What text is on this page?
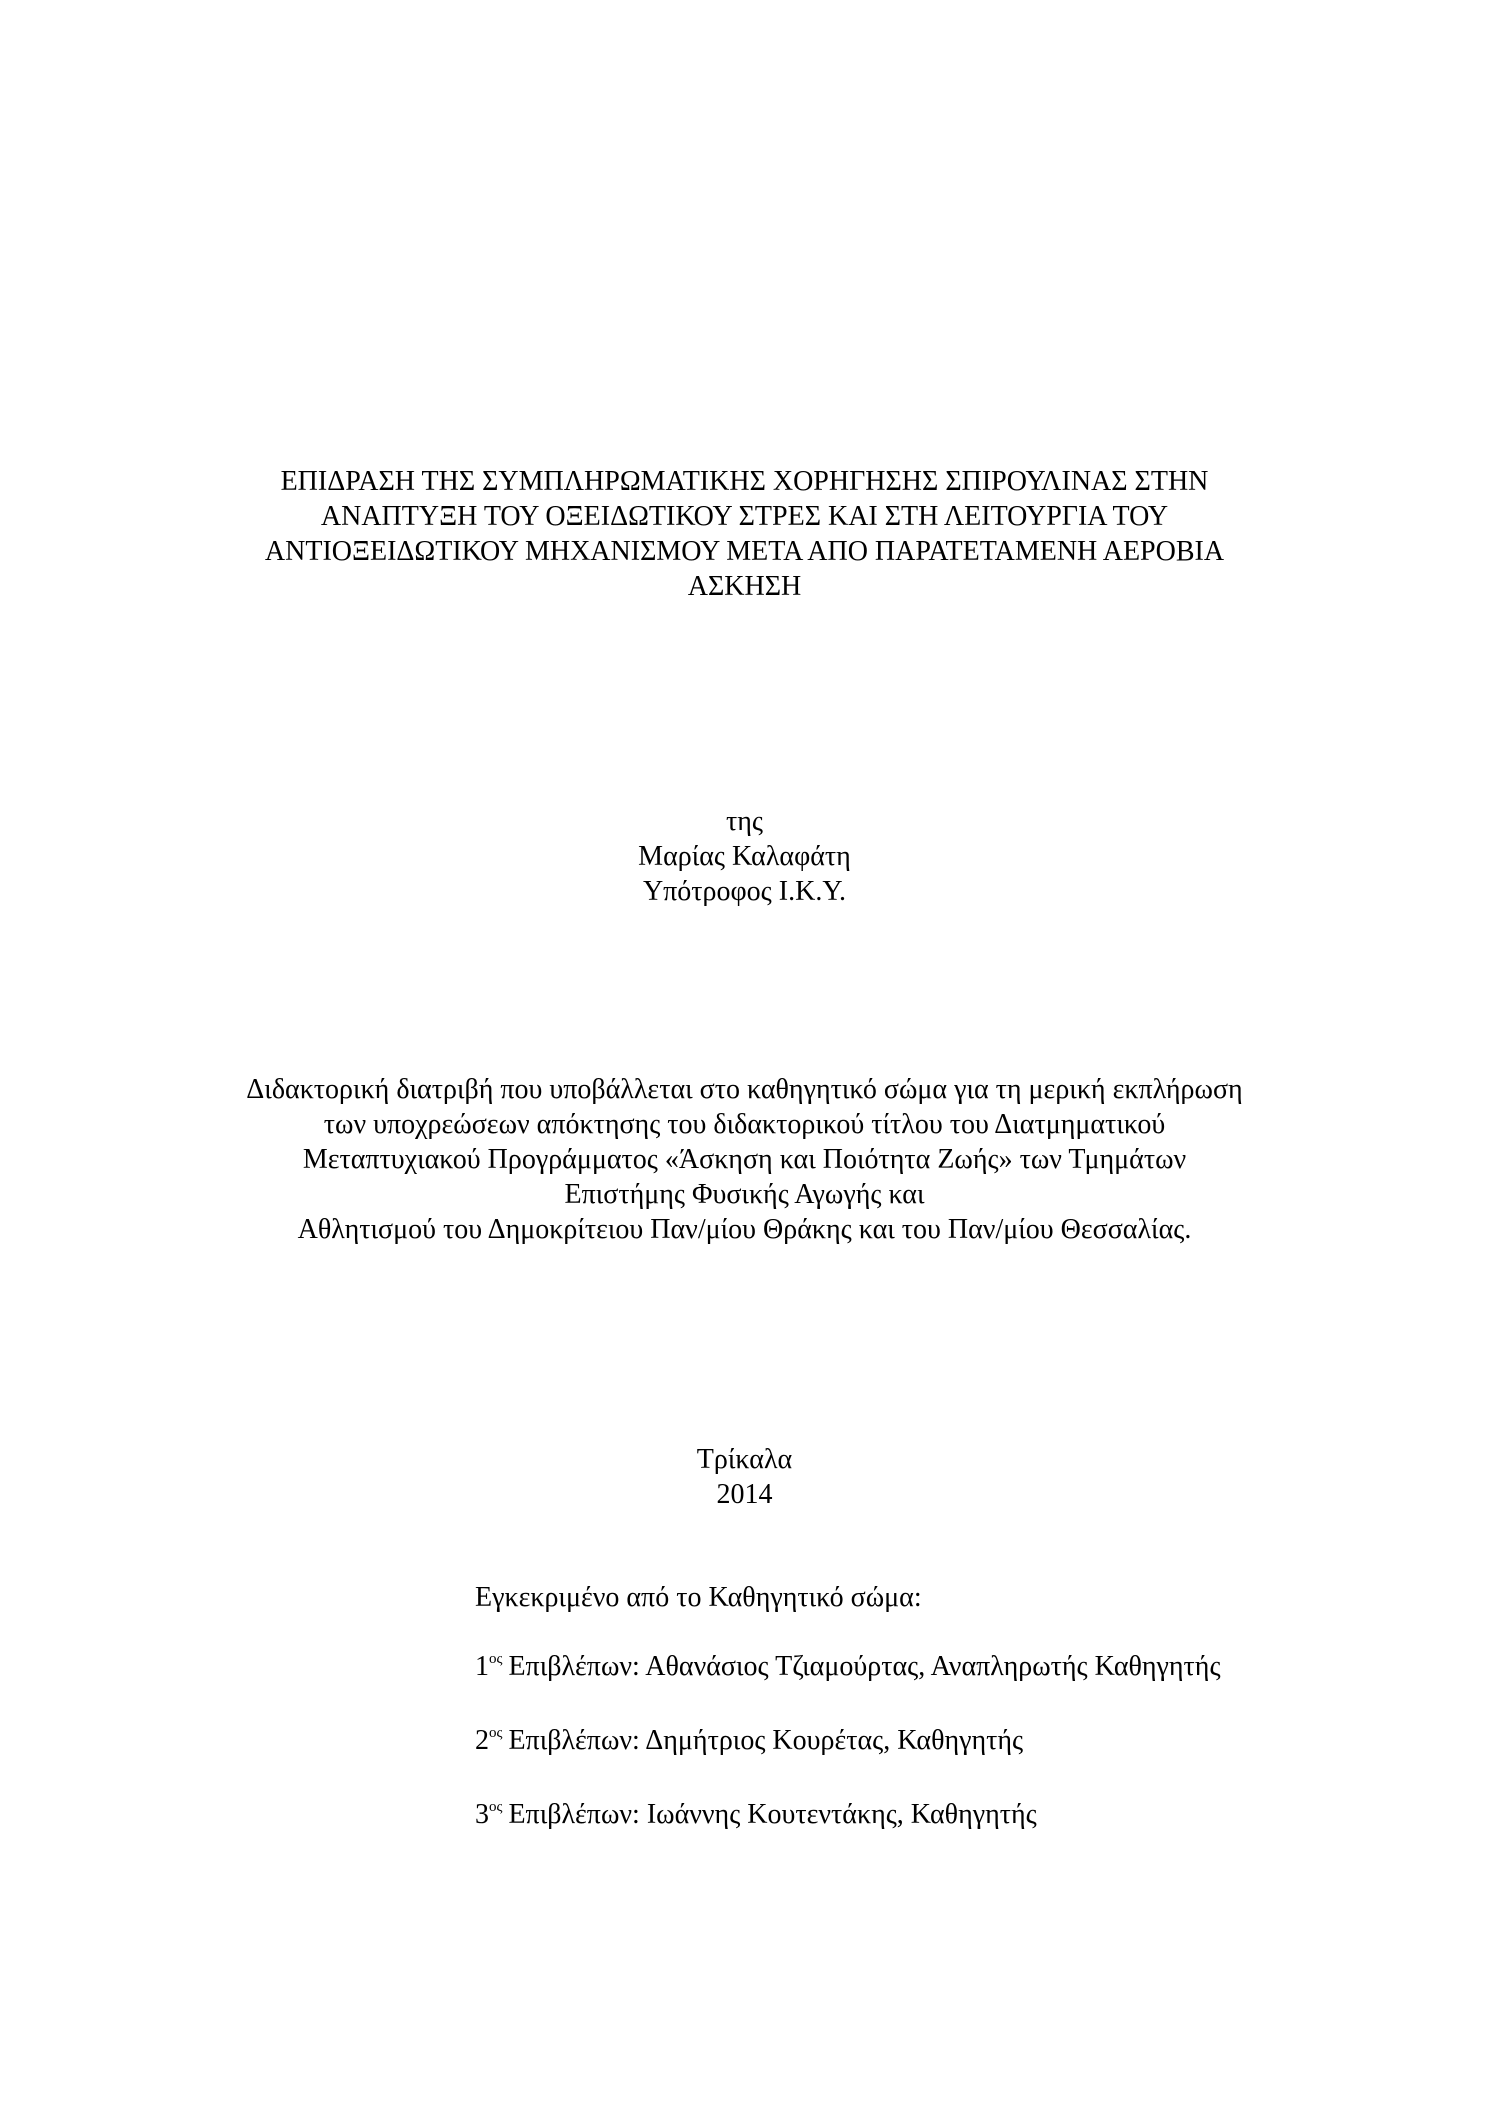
ΕΠΙΔΡΑΣΗ ΤΗΣ ΣΥΜΠΛΗΡΩΜΑΤΙΚΗΣ ΧΟΡΗΓΗΣΗΣ ΣΠΙΡΟΥΛΙΝΑΣ ΣΤΗΝ
ΑΝΑΠΤΥΞΗ ΤΟΥ ΟΞΕΙΔΩΤΙΚΟΥ ΣΤΡΕΣ ΚΑΙ ΣΤΗ ΛΕΙΤΟΥΡΓΙΑ ΤΟΥ
ΑΝΤΙΟΞΕΙΔΩΤΙΚΟΥ ΜΗΧΑΝΙΣΜΟΥ ΜΕΤΑ ΑΠΟ ΠΑΡΑΤΕΤΑΜΕΝΗ ΑΕΡΟΒΙΑ
ΑΣΚΗΣΗ
της
Μαρίας Καλαφάτη
Υπότροφος Ι.Κ.Υ.
Διδακτορική διατριβή που υποβάλλεται στο καθηγητικό σώμα για τη μερική εκπλήρωση
των υποχρεώσεων απόκτησης του διδακτορικού τίτλου του Διατμηματικού
Μεταπτυχιακού Προγράμματος «Άσκηση και Ποιότητα Ζωής» των Τμημάτων
Επιστήμης Φυσικής Αγωγής και
Αθλητισμού του Δημοκρίτειου Παν/μίου Θράκης και του Παν/μίου Θεσσαλίας.
Τρίκαλα
2014
Εγκεκριμένο από το Καθηγητικό σώμα:
$1^{o\varsigma}$ Επιβλέπων: Αθανάσιος Τζιαμούρτας, Αναπληρωτής Καθηγητής
$2^{o\varsigma}$ Επιβλέπων: Δημήτριος Κουρέτας, Καθηγητής
$3^{o\varsigma}$ Επιβλέπων: Ιωάννης Κουτεντάκης, Καθηγητής
